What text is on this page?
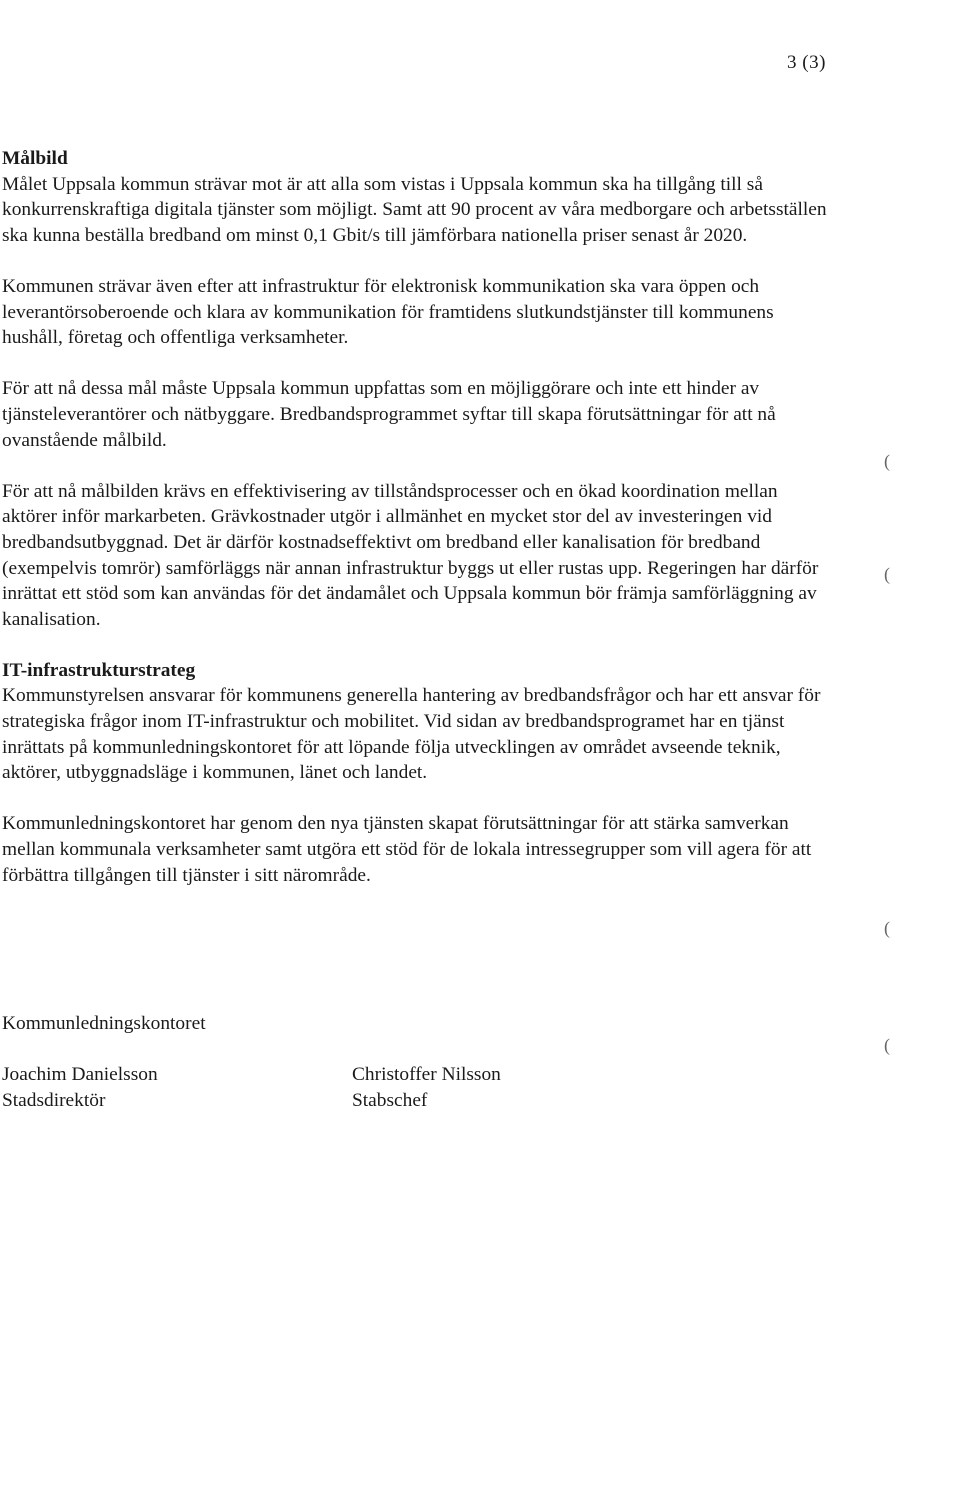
3 (3)
Målbild

Målet Uppsala kommun strävar mot är att alla som vistas i Uppsala kommun ska ha tillgång till så konkurrenskraftiga digitala tjänster som möjligt. Samt att 90 procent av våra medborgare och arbetsställen ska kunna beställa bredband om minst 0,1 Gbit/s till jämförbara nationella priser senast år 2020.

Kommunen strävar även efter att infrastruktur för elektronisk kommunikation ska vara öppen och leverantörsoberoende och klara av kommunikation för framtidens slutkundstjänster till kommunens hushåll, företag och offentliga verksamheter.

För att nå dessa mål måste Uppsala kommun uppfattas som en möjliggörare och inte ett hinder av tjänsteleverantörer och nätbyggare. Bredbandsprogrammet syftar till skapa förutsättningar för att nå ovanstående målbild.

För att nå målbilden krävs en effektivisering av tillståndsprocesser och en ökad koordination mellan aktörer inför markarbeten. Grävkostnader utgör i allmänhet en mycket stor del av investeringen vid bredbandsutbyggnad. Det är därför kostnadseffektivt om bredband eller kanalisation för bredband (exempelvis tomrör) samförläggs när annan infrastruktur byggs ut eller rustas upp. Regeringen har därför inrättat ett stöd som kan användas för det ändamålet och Uppsala kommun bör främja samförläggning av kanalisation.

IT-infrastrukturstrateg

Kommunstyrelsen ansvarar för kommunens generella hantering av bredbandsfrågor och har ett ansvar för strategiska frågor inom IT-infrastruktur och mobilitet. Vid sidan av bredbandsprogramet har en tjänst inrättats på kommunledningskontoret för att löpande följa utvecklingen av området avseende teknik, aktörer, utbyggnadsläge i kommunen, länet och landet.

Kommunledningskontoret har genom den nya tjänsten skapat förutsättningar för att stärka samverkan mellan kommunala verksamheter samt utgöra ett stöd för de lokala intressegrupper som vill agera för att förbättra tillgången till tjänster i sitt närområde.

Kommunledningskontoret
Joachim Danielsson
Stadsdirektör
Christoffer Nilsson
Stabschef
(
(
(
(
